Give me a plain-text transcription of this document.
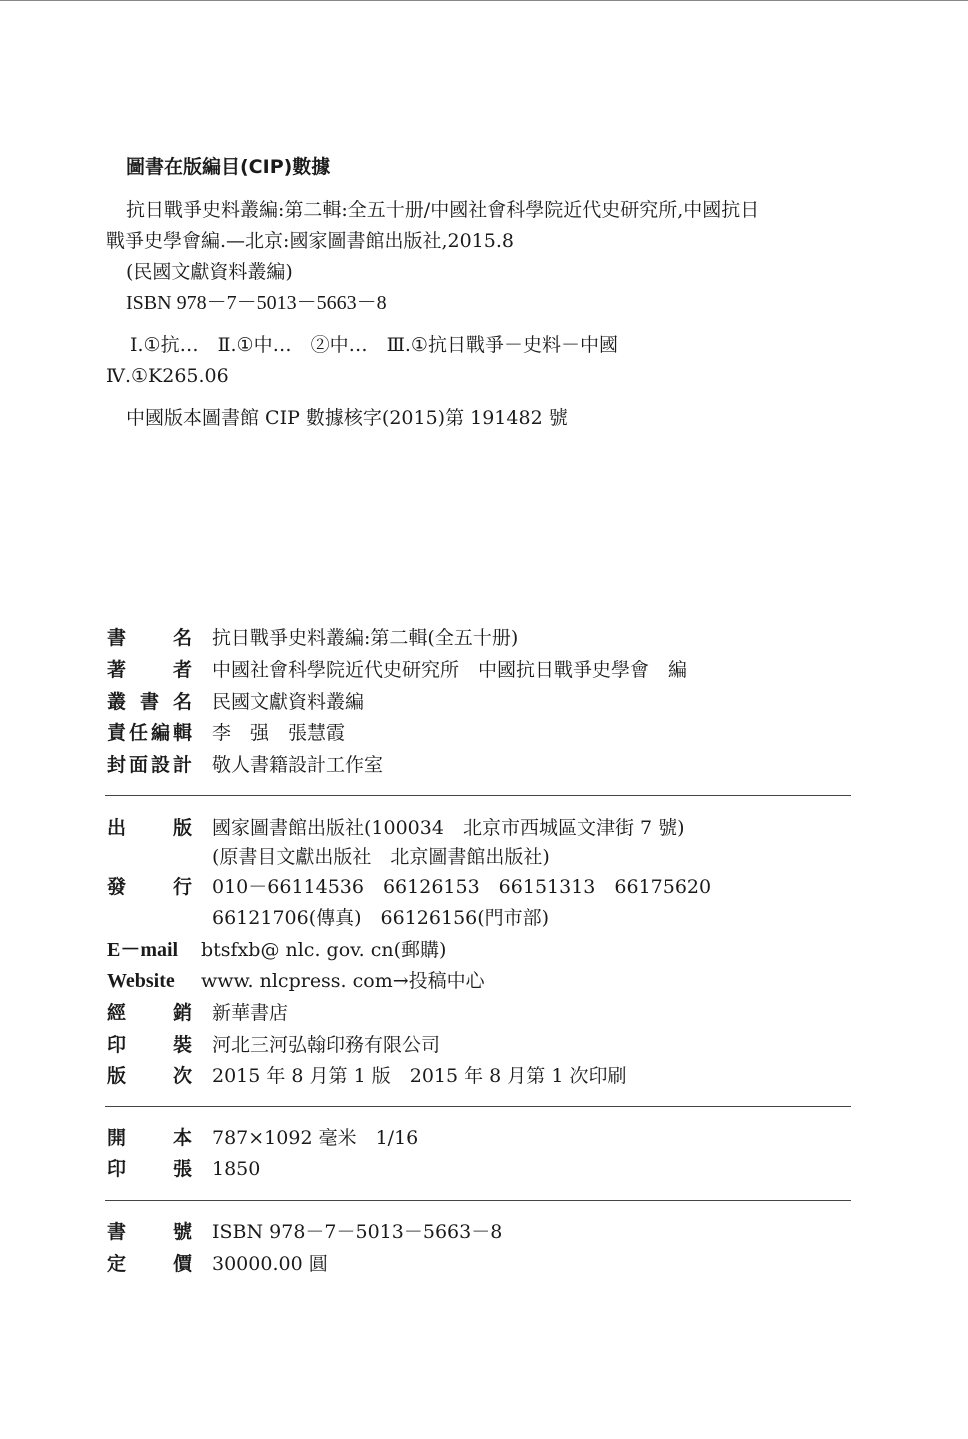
圖書在版編目(CIP)數據
抗日戰爭史料叢編:第二輯:全五十册/中國社會科學院近代史研究所,中國抗日
戰爭史學會編.—北京:國家圖書館出版社,2015.8
(民國文獻資料叢編)
ISBN 978－7－5013－5663－8
Ⅰ.①抗…　Ⅱ.①中…　②中…　Ⅲ.①抗日戰爭－史料－中國
Ⅳ.①K265.06
中國版本圖書館 CIP 數據核字(2015)第 191482 號
書 名 抗日戰爭史料叢編:第二輯(全五十册)
著 者 中國社會科學院近代史研究所　中國抗日戰爭史學會　編
叢 書 名 民國文獻資料叢編
責 任 編 輯 李　强　張慧霞
封 面 設 計 敬人書籍設計工作室
出 版 國家圖書館出版社(100034　北京市西城區文津街 7 號)
(原書目文獻出版社　北京圖書館出版社)
發 行 010－66114536　66126153　66151313　66175620
66121706(傳真)　66126156(門市部)
E－mail	btsfxb@ nlc. gov. cn(郵購)
Website	www. nlcpress. com→投稿中心
經 銷 新華書店
印 裝 河北三河弘翰印務有限公司
版 次 2015 年 8 月第 1 版　2015 年 8 月第 1 次印刷
開 本 787×1092 毫米　1/16
印 張 1850
書 號 ISBN 978－7－5013－5663－8
定 價 30000.00 圓
